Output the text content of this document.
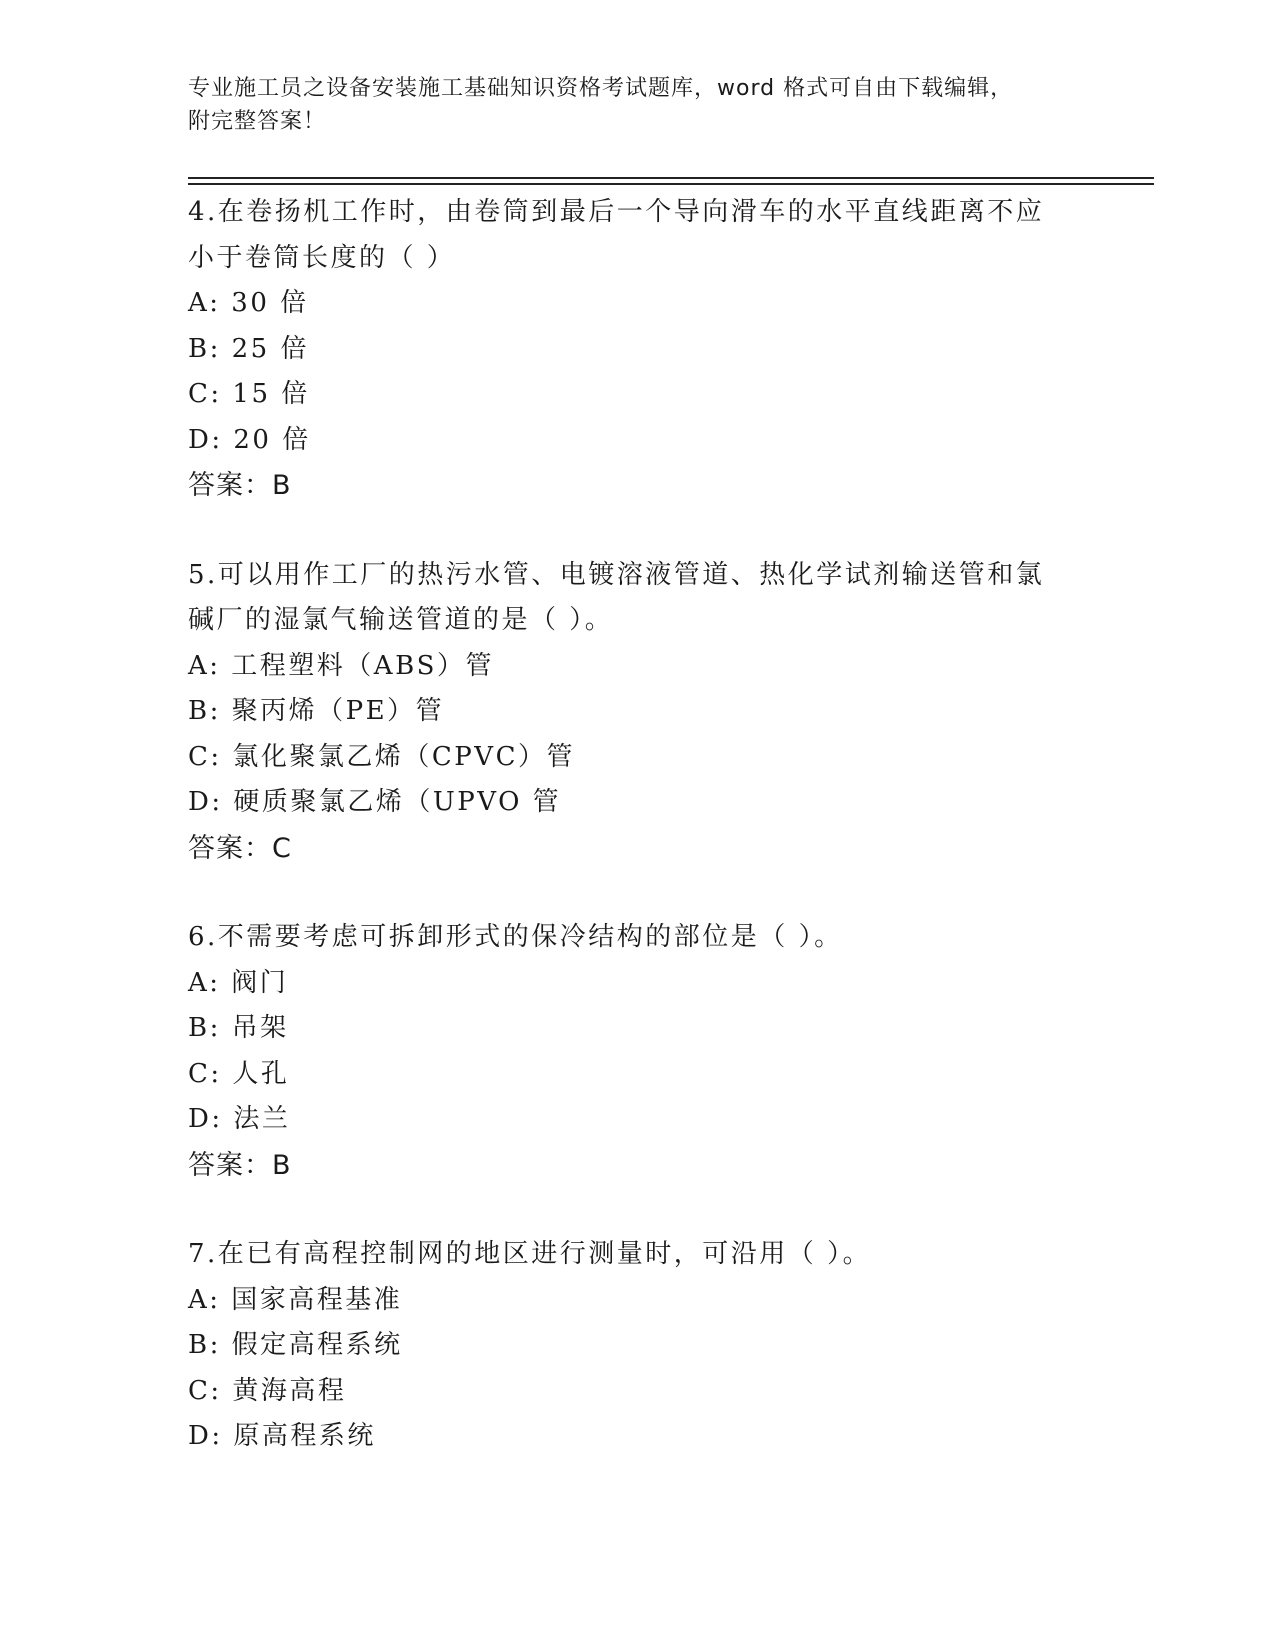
专业施工员之设备安装施工基础知识资格考试题库，word 格式可自由下载编辑，
附完整答案！

4.在卷扬机工作时，由卷筒到最后一个导向滑车的水平直线距离不应

小于卷筒长度的（ ）

A: 30 倍

B: 25 倍

C: 15 倍

D: 20 倍

答案：B

5.可以用作工厂的热污水管、电镀溶液管道、热化学试剂输送管和氯

碱厂的湿氯气输送管道的是（ ）。

A: 工程塑料（ABS）管

B: 聚丙烯（PE）管

C: 氯化聚氯乙烯（CPVC）管

D: 硬质聚氯乙烯（UPVO 管

答案：C

6.不需要考虑可拆卸形式的保冷结构的部位是（ ）。

A: 阀门

B: 吊架

C: 人孔

D: 法兰

答案：B

7.在已有高程控制网的地区进行测量时，可沿用（ ）。

A: 国家高程基准

B: 假定高程系统

C: 黄海高程

D: 原高程系统
